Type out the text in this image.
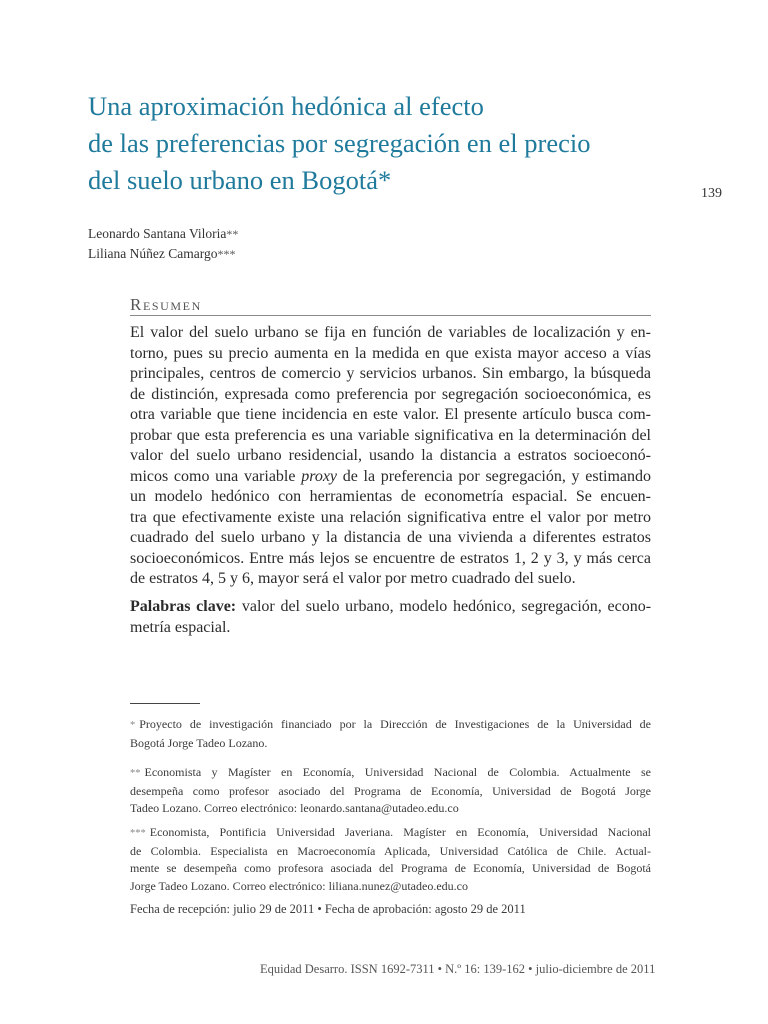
Una aproximación hedónica al efecto
de las preferencias por segregación en el precio
del suelo urbano en Bogotá*	139
Leonardo Santana Viloria**
Liliana Núñez Camargo***
Resumen
El valor del suelo urbano se fija en función de variables de localización y en-
torno, pues su precio aumenta en la medida en que exista mayor acceso a vías
principales, centros de comercio y servicios urbanos. Sin embargo, la búsqueda
de distinción, expresada como preferencia por segregación socioeconómica, es
otra variable que tiene incidencia en este valor. El presente artículo busca com-
probar que esta preferencia es una variable significativa en la determinación del
valor del suelo urbano residencial, usando la distancia a estratos socioeconó-
micos como una variable proxy de la preferencia por segregación, y estimando
un modelo hedónico con herramientas de econometría espacial. Se encuen-
tra que efectivamente existe una relación significativa entre el valor por metro
cuadrado del suelo urbano y la distancia de una vivienda a diferentes estratos
socioeconómicos. Entre más lejos se encuentre de estratos 1, 2 y 3, y más cerca
de estratos 4, 5 y 6, mayor será el valor por metro cuadrado del suelo.
Palabras clave: valor del suelo urbano, modelo hedónico, segregación, econo-
metría espacial.
* Proyecto de investigación financiado por la Dirección de Investigaciones de la Universidad de
Bogotá Jorge Tadeo Lozano.
** Economista y Magíster en Economía, Universidad Nacional de Colombia. Actualmente se
desempeña como profesor asociado del Programa de Economía, Universidad de Bogotá Jorge
Tadeo Lozano. Correo electrónico: leonardo.santana@utadeo.edu.co
*** Economista, Pontificia Universidad Javeriana. Magíster en Economía, Universidad Nacional
de Colombia. Especialista en Macroeconomía Aplicada, Universidad Católica de Chile. Actual-
mente se desempeña como profesora asociada del Programa de Economía, Universidad de Bogotá
Jorge Tadeo Lozano. Correo electrónico: liliana.nunez@utadeo.edu.co
Fecha de recepción: julio 29 de 2011 • Fecha de aprobación: agosto 29 de 2011
Equidad Desarro. ISSN 1692-7311 • N.º 16: 139-162 • julio-diciembre de 2011
